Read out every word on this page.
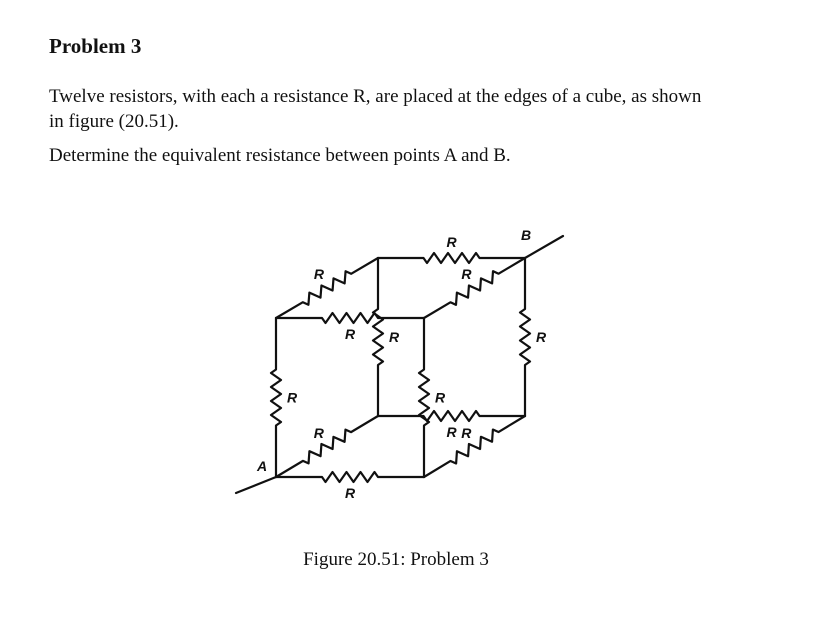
Problem 3

Twelve resistors, with each a resistance R, are placed at the edges of a cube, as shown
in figure (20.51).

Determine the equivalent resistance between points A and B.

A
B
R
R
R	R
R
R
R	R
R	R
R	R

Figure 20.51: Problem 3
